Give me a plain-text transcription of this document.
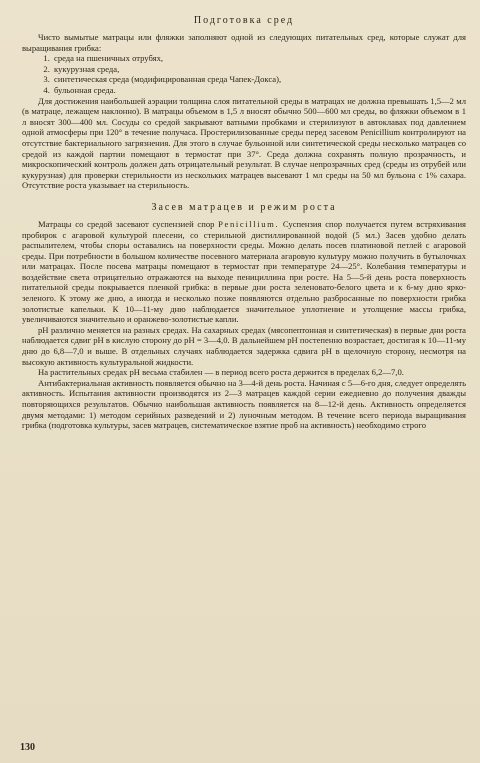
Подготовка сред

Чисто вымытые матрацы или фляжки заполняют одной из следующих питательных сред, которые служат для выращивания грибка:

1. среда на пшеничных отрубях,
2. кукурузная среда,
3. синтетическая среда (модифицированная среда Чапек-Докса),
4. бульонная среда.

Для достижения наибольшей аэрации толщина слоя питательной среды в матрацах не должна превышать 1,5—2 мл (в матраце, лежащем наклонно). В матрацы объемом в 1,5 л вносят обычно 500—600 мл среды, во фляжки объемом в 1 л вносят 300—400 мл. Сосуды со средой закрывают ватными пробками и стерилизуют в автоклавах под давлением одной атмосферы при 120° в течение получаса. Простерилизованные среды перед засевом Penicillium контролируют на отсутствие бактериального загрязнения. Для этого в случае бульонной или синтетической среды несколько матрацев со средой из каждой партии помещают в термостат при 37°. Среда должна сохранять полную прозрачность, и микроскопический контроль должен дать отрицательный результат. В случае непрозрачных сред (среды из отрубей или кукурузная) для проверки стерильности из нескольких матрацев высевают 1 мл среды на 50 мл бульона с 1% сахара. Отсутствие роста указывает на стерильность.

Засев матрацев и режим роста

Матрацы со средой засевают суспензией спор Penicillium. Суспензия спор получается путем встряхивания пробирок с агаровой культурой плесени, со стерильной дистиллированной водой (5 мл.) Засев удобно делать распылителем, чтобы споры оставались на поверхности среды. Можно делать посев платиновой петлей с агаровой среды. При потребности в большом количестве посевного материала агаровую культуру можно получить в бутылочках или матрацах. После посева матрацы помещают в термостат при температуре 24—25°. Колебания температуры и воздействие света отрицательно отражаются на выходе пенициллина при росте. На 5—5-й день роста поверхность питательной среды покрывается пленкой грибка: в первые дни роста зеленовато-белого цвета и к 6-му дню ярко-зеленого. К этому же дню, а иногда и несколько позже появляются отдельно разбросанные по поверхности грибка золотистые капельки. К 10—11-му дню наблюдается значительное уплотнение и утолщение массы грибка, увеличиваются значительно и оранжево-золотистые капли.

pH различно меняется на разных средах. На сахарных средах (мясопептонная и синтетическая) в первые дни роста наблюдается сдвиг pH в кислую сторону до pH = 3—4,0. В дальнейшем pH постепенно возрастает, достигая к 10—11-му дню до 6,8—7,0 и выше. В отдельных случаях наблюдается задержка сдвига pH в щелочную сторону, несмотря на высокую активность культуральной жидкости.

На растительных средах pH весьма стабилен — в период всего роста держится в пределах 6,2—7,0.

Антибактериальная активность появляется обычно на 3—4-й день роста. Начиная с 5—6-го дня, следует определять активность. Испытания активности производятся из 2—3 матрацев каждой серии ежедневно до получения дважды повторяющихся результатов. Обычно наибольшая активность появляется на 8—12-й день. Активность определяется двумя методами: 1) методом серийных разведений и 2) луночным методом. В течение всего периода выращивания грибка (подготовка культуры, засев матрацев, систематическое взятие проб на активность) необходимо строго

130
